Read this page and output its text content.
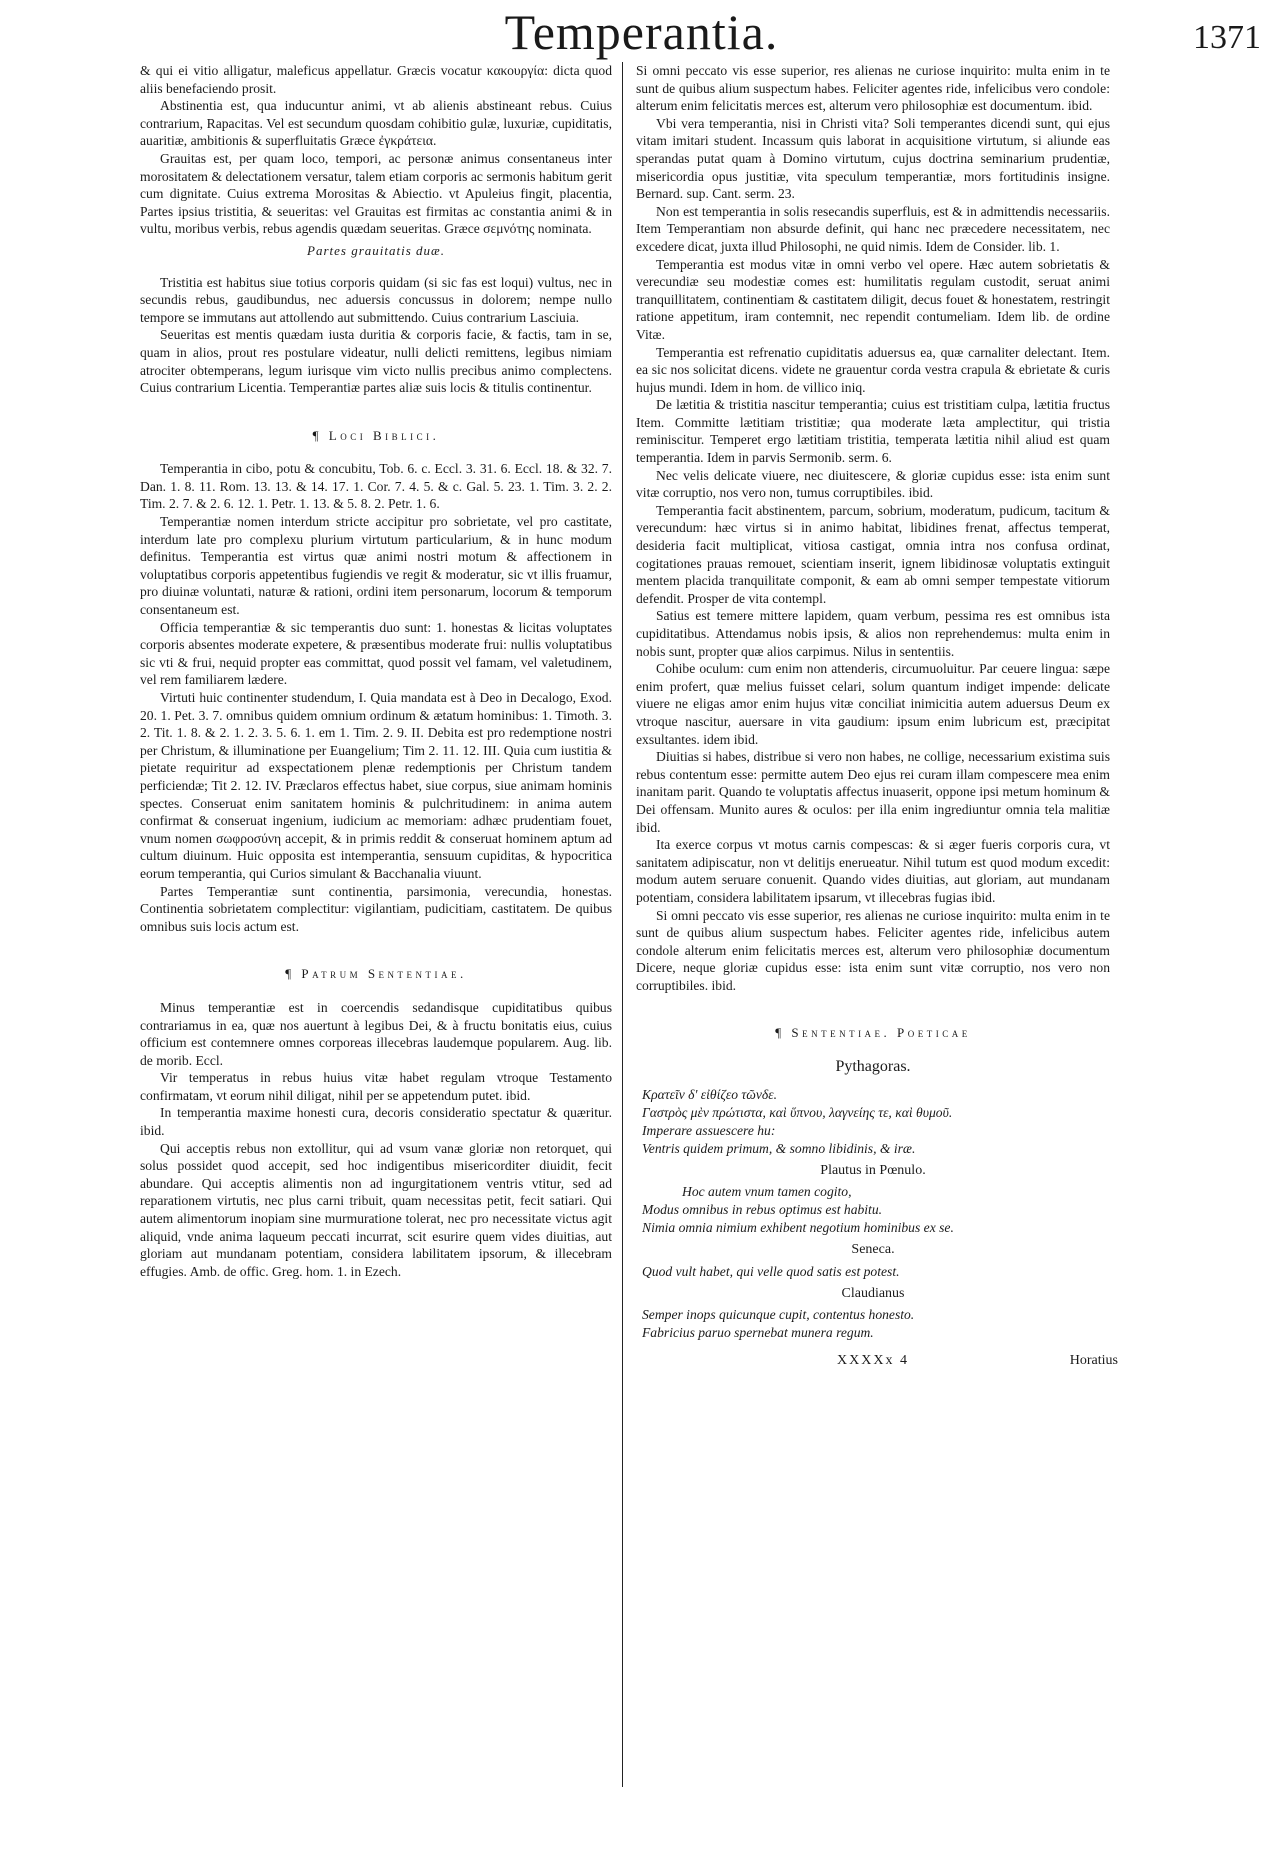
Temperantia.	1371

& qui ei vitio alligatur, maleficus appellatur. Græcis vocatur κακουργία: dicta quod aliis benefaciendo prosit.

Abstinentia est, qua inducuntur animi, vt ab alienis abstineant rebus. Cuius contrarium, Rapacitas. Vel est secundum quosdam cohibitio gulæ, luxuriæ, cupiditatis, auaritiæ, ambitionis & superfluitatis Græce ἐγκράτεια.

Grauitas est, per quam loco, tempori, ac personæ animus consentaneus inter morositatem & delectationem versatur, talem etiam corporis ac sermonis habitum gerit cum dignitate. Cuius extrema Morositas & Abiectio. vt Apuleius fingit, placentia, Partes ipsius tristitia, & seueritas: vel Grauitas est firmitas ac constantia animi & in vultu, moribus verbis, rebus agendis quædam seueritas. Græce σεμνότης nominata.

Partes grauitatis duæ.

Tristitia est habitus siue totius corporis quidam (si sic fas est loqui) vultus, nec in secundis rebus, gaudibundus, nec aduersis concussus in dolorem; nempe nullo tempore se immutans aut attollendo aut submittendo. Cuius contrarium Lasciuia.

Seueritas est mentis quædam iusta duritia & corporis facie, & factis, tam in se, quam in alios, prout res postulare videatur, nulli delicti remittens, legibus nimiam atrociter obtemperans, legum iurisque vim victo nullis precibus animo complectens. Cuius contrarium Licentia. Temperantiæ partes aliæ suis locis & titulis continentur.

¶ Loci Biblici.

Temperantia in cibo, potu & concubitu, Tob. 6. c. Eccl. 3. 31. 6. Eccl. 18. & 32. 7. Dan. 1. 8. 11. Rom. 13. 13. & 14. 17. 1. Cor. 7. 4. 5. & c. Gal. 5. 23. 1. Tim. 3. 2. 2. Tim. 2. 7. & 2. 6. 12. 1. Petr. 1. 13. & 5. 8. 2. Petr. 1. 6.

Temperantiæ nomen interdum stricte accipitur pro sobrietate, vel pro castitate, interdum late pro complexu plurium virtutum particularium, & in hunc modum definitus. Temperantia est virtus quæ animi nostri motum & affectionem in voluptatibus corporis appetentibus fugiendis ve regit & moderatur, sic vt illis fruamur, pro diuinæ voluntati, naturæ & rationi, ordini item personarum, locorum & temporum consentaneum est.

Officia temperantiæ & sic temperantis duo sunt: 1. honestas & licitas voluptates corporis absentes moderate expetere, & præsentibus moderate frui: nullis voluptatibus sic vti & frui, nequid propter eas committat, quod possit vel famam, vel valetudinem, vel rem familiarem lædere.

Virtuti huic continenter studendum, I. Quia mandata est à Deo in Decalogo, Exod. 20. 1. Pet. 3. 7. omnibus quidem omnium ordinum & ætatum hominibus: 1. Timoth. 3. 2. Tit. 1. 8. & 2. 1. 2. 3. 5. 6. 1. em 1. Tim. 2. 9. II. Debita est pro redemptione nostri per Christum, & illuminatione per Euangelium; Tim 2. 11. 12. III. Quia cum iustitia & pietate requiritur ad exspectationem plenæ redemptionis per Christum tandem perficiendæ; Tit 2. 12. IV. Præclaros effectus habet, siue corpus, siue animam hominis spectes. Conseruat enim sanitatem hominis & pulchritudinem: in anima autem confirmat & conseruat ingenium, iudicium ac memoriam: adhæc prudentiam fouet, vnum nomen σωφροσύνη accepit, & in primis reddit & conseruat hominem aptum ad cultum diuinum. Huic opposita est intemperantia, sensuum cupiditas, & hypocritica eorum temperantia, qui Curios simulant & Bacchanalia viuunt.

Partes Temperantiæ sunt continentia, parsimonia, verecundia, honestas. Continentia sobrietatem complectitur: vigilantiam, pudicitiam, castitatem. De quibus omnibus suis locis actum est.

¶ Patrum Sententiae.

Minus temperantiæ est in coercendis sedandisque cupiditatibus quibus contrariamus in ea, quæ nos auertunt à legibus Dei, & à fructu bonitatis eius, cuius officium est contemnere omnes corporeas illecebras laudemque popularem. Aug. lib. de morib. Eccl.

Vir temperatus in rebus huius vitæ habet regulam vtroque Testamento confirmatam, vt eorum nihil diligat, nihil per se appetendum putet. ibid.

In temperantia maxime honesti cura, decoris consideratio spectatur & quæritur. ibid.

Qui acceptis rebus non extollitur, qui ad vsum vanæ gloriæ non retorquet, qui solus possidet quod accepit, sed hoc indigentibus misericorditer diuidit, fecit abundare. Qui acceptis alimentis non ad ingurgitationem ventris vtitur, sed ad reparationem virtutis, nec plus carni tribuit, quam necessitas petit, fecit satiari. Qui autem alimentorum inopiam sine murmuratione tolerat, nec pro necessitate victus agit aliquid, vnde anima laqueum peccati incurrat, scit esurire quem vides diuitias, aut gloriam aut mundanam potentiam, considera labilitatem ipsorum, & illecebram effugies. Amb. de offic. Greg. hom. 1. in Ezech.

Si omni peccato vis esse superior, res alienas ne curiose inquirito: multa enim in te sunt de quibus alium suspectum habes. Feliciter agentes ride, infelicibus vero condole: alterum enim felicitatis merces est, alterum vero philosophiæ est documentum. ibid.

Vbi vera temperantia, nisi in Christi vita? Soli temperantes dicendi sunt, qui ejus vitam imitari student. Incassum quis laborat in acquisitione virtutum, si aliunde eas sperandas putat quam à Domino virtutum, cujus doctrina seminarium prudentiæ, misericordia opus justitiæ, vita speculum temperantiæ, mors fortitudinis insigne. Bernard. sup. Cant. serm. 23.

Non est temperantia in solis resecandis superfluis, est & in admittendis necessariis. Item Temperantiam non absurde definit, qui hanc nec præcedere necessitatem, nec excedere dicat, juxta illud Philosophi, ne quid nimis. Idem de Consider. lib. 1.

Temperantia est modus vitæ in omni verbo vel opere. Hæc autem sobrietatis & verecundiæ seu modestiæ comes est: humilitatis regulam custodit, seruat animi tranquillitatem, continentiam & castitatem diligit, decus fouet & honestatem, restringit ratione appetitum, iram contemnit, nec rependit contumeliam. Idem lib. de ordine Vitæ.

Temperantia est refrenatio cupiditatis aduersus ea, quæ carnaliter delectant. Item. ea sic nos solicitat dicens. videte ne grauentur corda vestra crapula & ebrietate & curis hujus mundi. Idem in hom. de villico iniq.

De lætitia & tristitia nascitur temperantia; cuius est tristitiam culpa, lætitia fructus Item. Committe lætitiam tristitiæ; qua moderate læta amplectitur, qui tristia reminiscitur. Temperet ergo lætitiam tristitia, temperata lætitia nihil aliud est quam temperantia. Idem in parvis Sermonib. serm. 6.

Nec velis delicate viuere, nec diuitescere, & gloriæ cupidus esse: ista enim sunt vitæ corruptio, nos vero non, tumus corruptibiles. ibid.

Temperantia facit abstinentem, parcum, sobrium, moderatum, pudicum, tacitum & verecundum: hæc virtus si in animo habitat, libidines frenat, affectus temperat, desideria facit multiplicat, vitiosa castigat, omnia intra nos confusa ordinat, cogitationes prauas remouet, scientiam inserit, ignem libidinosæ voluptatis extinguit mentem placida tranquilitate componit, & eam ab omni semper tempestate vitiorum defendit. Prosper de vita contempl.

Satius est temere mittere lapidem, quam verbum, pessima res est omnibus ista cupiditatibus. Attendamus nobis ipsis, & alios non reprehendemus: multa enim in nobis sunt, propter quæ alios carpimus. Nilus in sententiis.

Cohibe oculum: cum enim non attenderis, circumuoluitur. Par ceuere lingua: sæpe enim profert, quæ melius fuisset celari, solum quantum indiget impende: delicate viuere ne eligas amor enim hujus vitæ conciliat inimicitia autem aduersus Deum ex vtroque nascitur, auersare in vita gaudium: ipsum enim lubricum est, præcipitat exsultantes. idem ibid.

Diuitias si habes, distribue si vero non habes, ne collige, necessarium existima suis rebus contentum esse: permitte autem Deo ejus rei curam illam compescere mea enim inanitam parit. Quando te voluptatis affectus inuaserit, oppone ipsi metum hominum & Dei offensam. Munito aures & oculos: per illa enim ingrediuntur omnia tela malitiæ ibid.

Ita exerce corpus vt motus carnis compescas: & si æger fueris corporis cura, vt sanitatem adipiscatur, non vt delitijs enerueatur. Nihil tutum est quod modum excedit: modum autem seruare conuenit. Quando vides diuitias, aut gloriam, aut mundanam potentiam, considera labilitatem ipsarum, vt illecebras fugias ibid.

Si omni peccato vis esse superior, res alienas ne curiose inquirito: multa enim in te sunt de quibus alium suspectum habes. Feliciter agentes ride, infelicibus autem condole alterum enim felicitatis merces est, alterum vero philosophiæ documentum Dicere, neque gloriæ cupidus esse: ista enim sunt vitæ corruptio, nos vero non corruptibiles. ibid.

¶ Sententiae. Poeticae
Pythagoras.
Κρατεῖν δ' εἰθίζεο τῶνδε.
Γαστρὸς μὲν πρώτιστα, καὶ ὕπνου, λαγνείης τε, καὶ θυμοῦ.
Imperare assuescere hu:
Ventris quidem primum, & somno libidinis, & iræ.
Plautus in Pœnulo.
Hoc autem vnum tamen cogito,
Modus omnibus in rebus optimus est habitu.
Nimia omnia nimium exhibent negotium hominibus ex se.
Seneca.
Quod vult habet, qui velle quod satis est potest.
Claudianus
Semper inops quicunque cupit, contentus honesto.
Fabricius paruo spernebat munera regum.
XXXXx 4	Horatius
